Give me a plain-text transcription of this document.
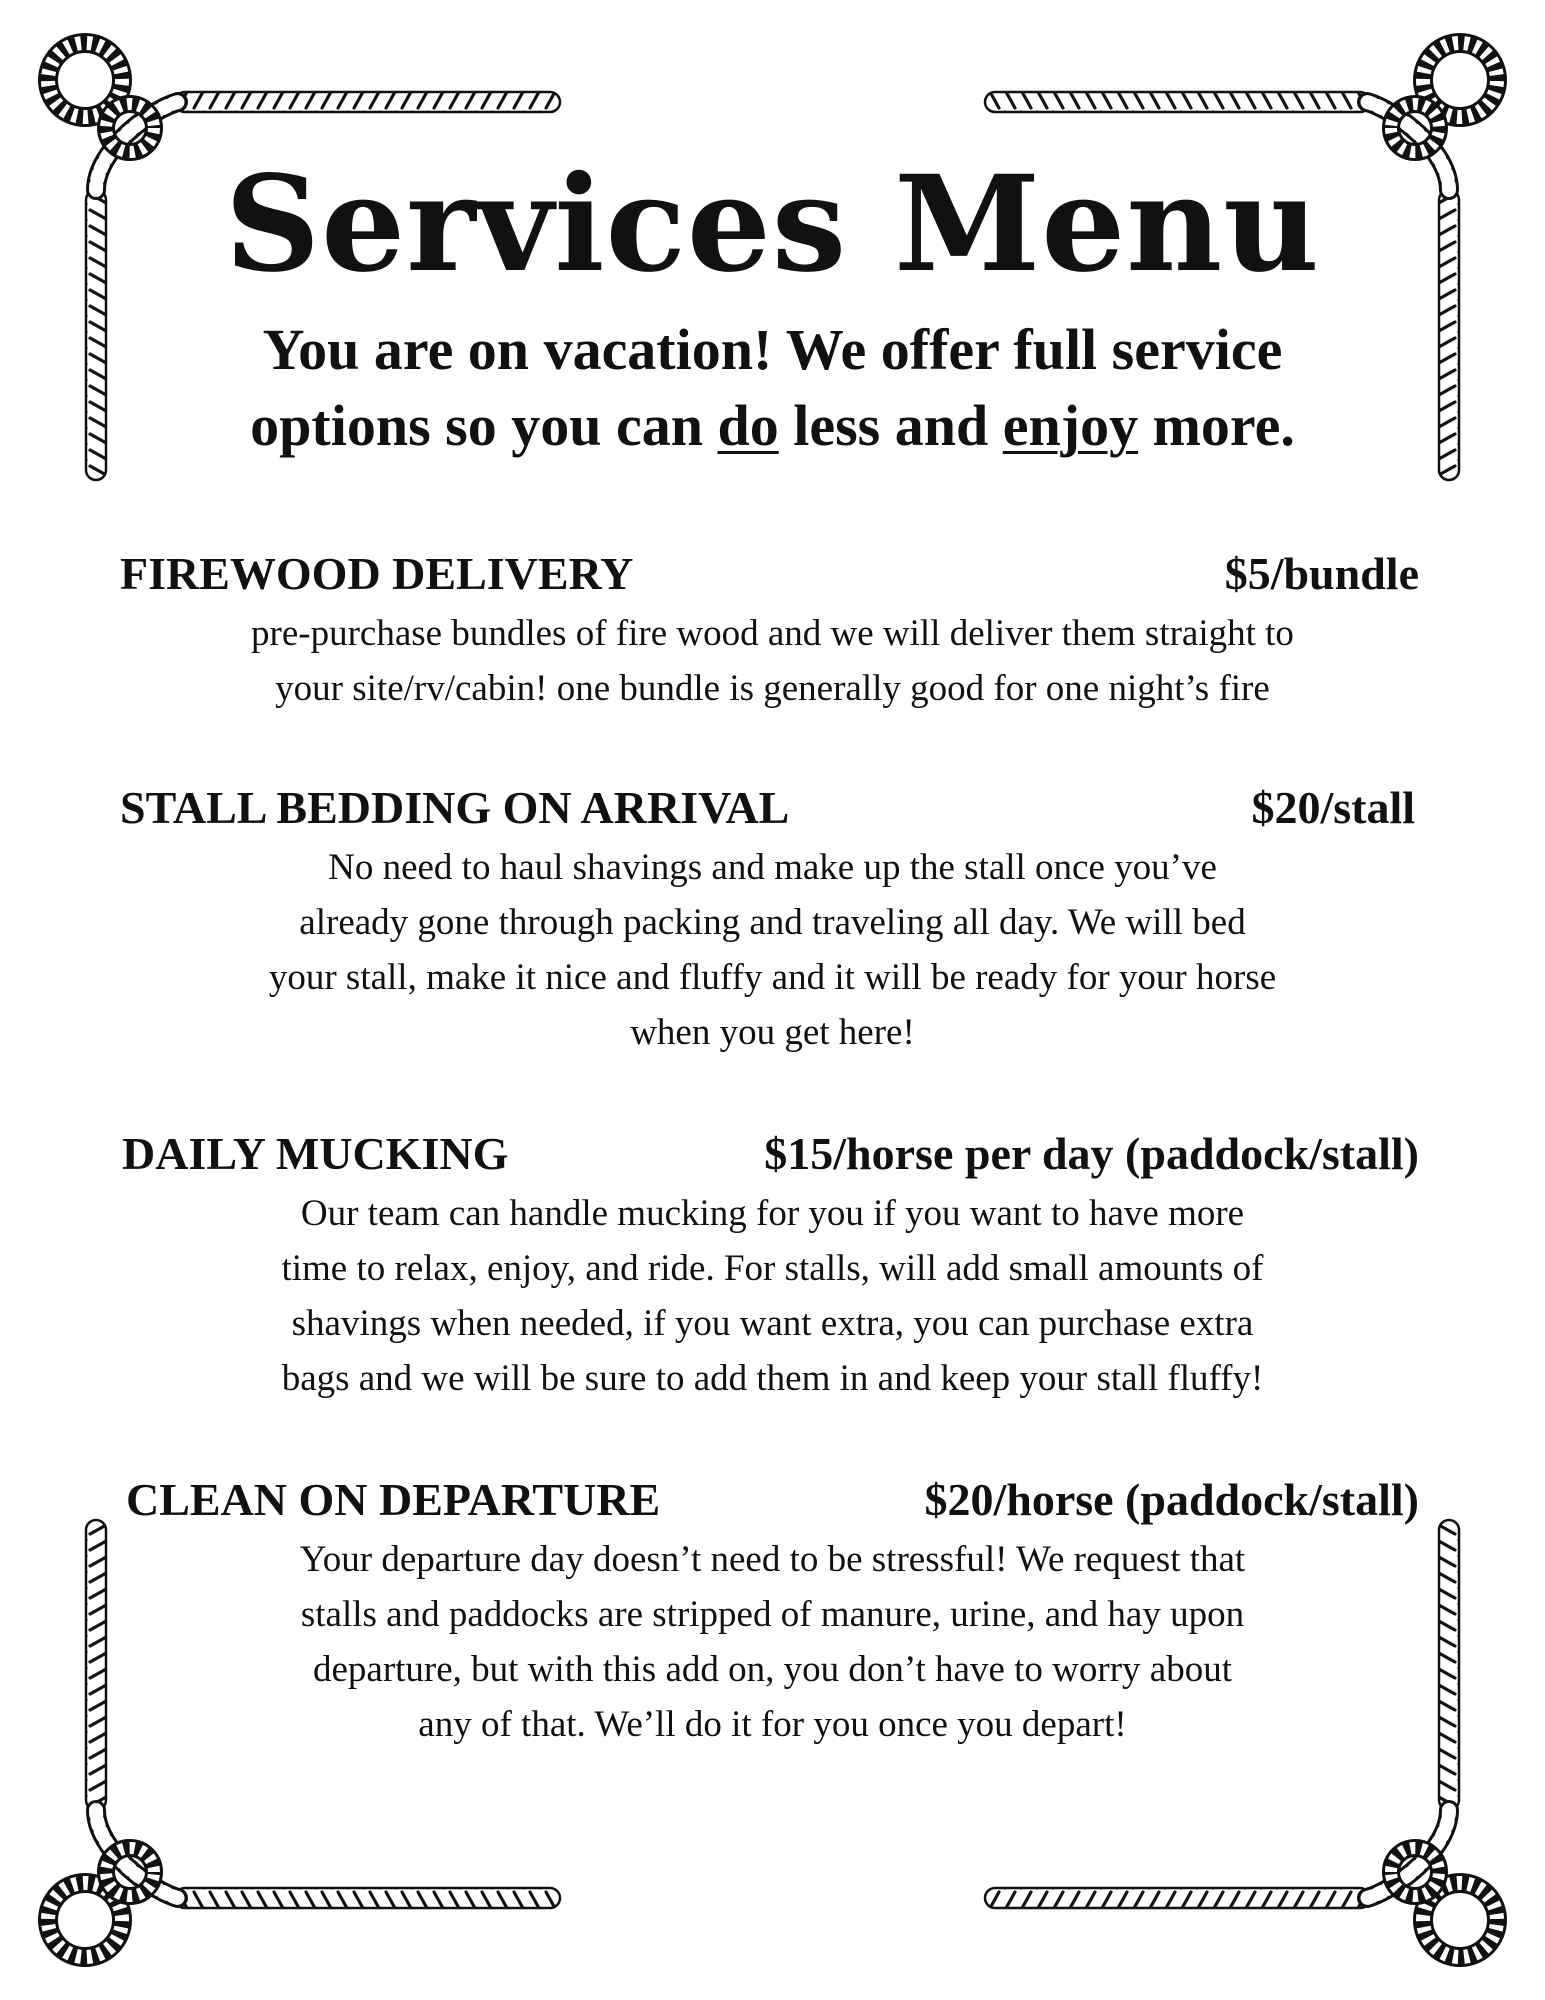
Services Menu

You are on vacation! We offer full service
options so you can do less and enjoy more.

FIREWOOD DELIVERY	$5/bundle

pre-purchase bundles of fire wood and we will deliver them straight to
your site/rv/cabin! one bundle is generally good for one night’s fire

STALL BEDDING ON ARRIVAL	$20/stall

No need to haul shavings and make up the stall once you’ve
already gone through packing and traveling all day. We will bed
your stall, make it nice and fluffy and it will be ready for your horse
when you get here!

DAILY MUCKING	$15/horse per day (paddock/stall)

Our team can handle mucking for you if you want to have more
time to relax, enjoy, and ride. For stalls, will add small amounts of
shavings when needed, if you want extra, you can purchase extra
bags and we will be sure to add them in and keep your stall fluffy!

CLEAN ON DEPARTURE	$20/horse (paddock/stall)

Your departure day doesn’t need to be stressful! We request that
stalls and paddocks are stripped of manure, urine, and hay upon
departure, but with this add on, you don’t have to worry about
any of that. We’ll do it for you once you depart!
